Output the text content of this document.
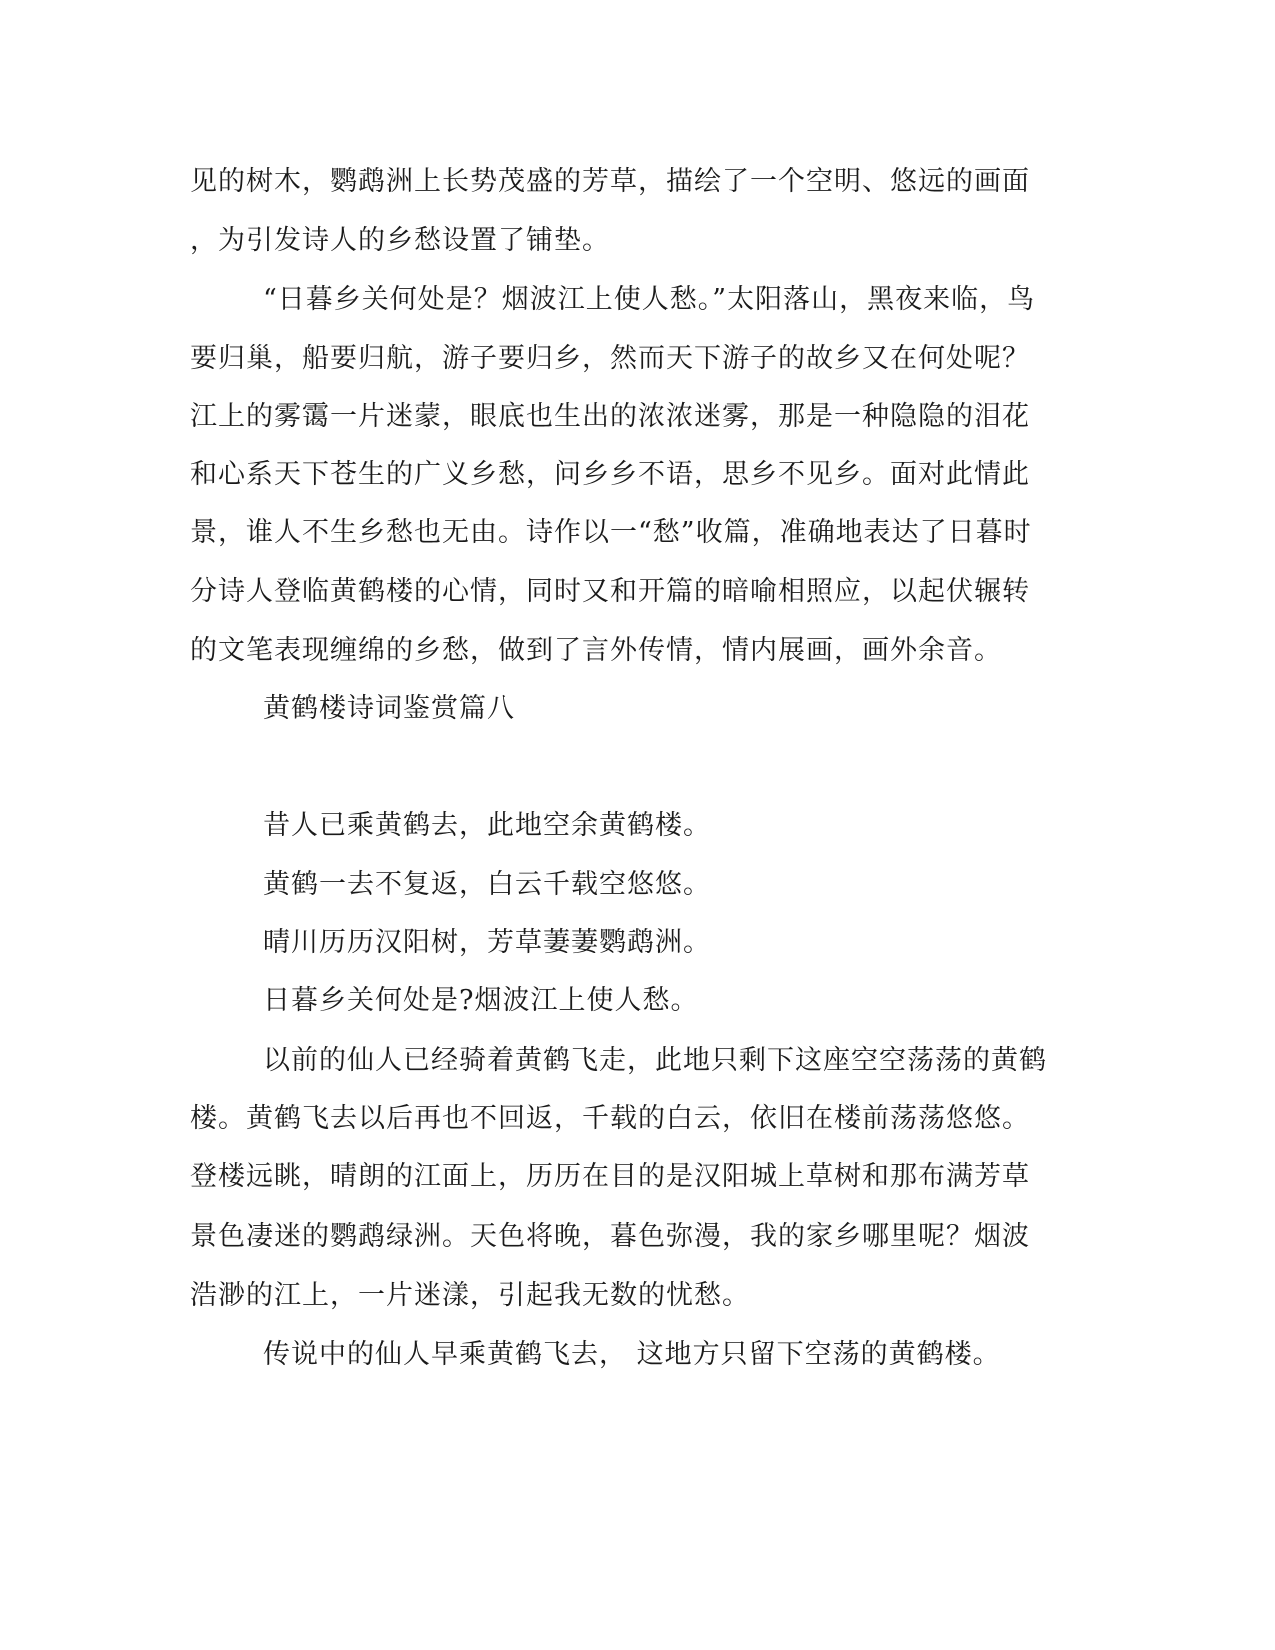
见的树木，鹦鹉洲上长势茂盛的芳草，描绘了一个空明、悠远的画面
，为引发诗人的乡愁设置了铺垫。
“日暮乡关何处是？烟波江上使人愁。”太阳落山，黑夜来临，鸟
要归巢，船要归航，游子要归乡，然而天下游子的故乡又在何处呢？
江上的雾霭一片迷蒙，眼底也生出的浓浓迷雾，那是一种隐隐的泪花
和心系天下苍生的广义乡愁，问乡乡不语，思乡不见乡。面对此情此
景，谁人不生乡愁也无由。诗作以一“愁”收篇，准确地表达了日暮时
分诗人登临黄鹤楼的心情，同时又和开篇的暗喻相照应，以起伏辗转
的文笔表现缠绵的乡愁，做到了言外传情，情内展画，画外余音。
黄鹤楼诗词鉴赏篇八
昔人已乘黄鹤去，此地空余黄鹤楼。
黄鹤一去不复返，白云千载空悠悠。
晴川历历汉阳树，芳草萋萋鹦鹉洲。
日暮乡关何处是?烟波江上使人愁。
以前的仙人已经骑着黄鹤飞走，此地只剩下这座空空荡荡的黄鹤
楼。黄鹤飞去以后再也不回返，千载的白云，依旧在楼前荡荡悠悠。
登楼远眺，晴朗的江面上，历历在目的是汉阳城上草树和那布满芳草
景色凄迷的鹦鹉绿洲。天色将晚，暮色弥漫，我的家乡哪里呢？烟波
浩渺的江上，一片迷漾，引起我无数的忧愁。
传说中的仙人早乘黄鹤飞去， 这地方只留下空荡的黄鹤楼。
